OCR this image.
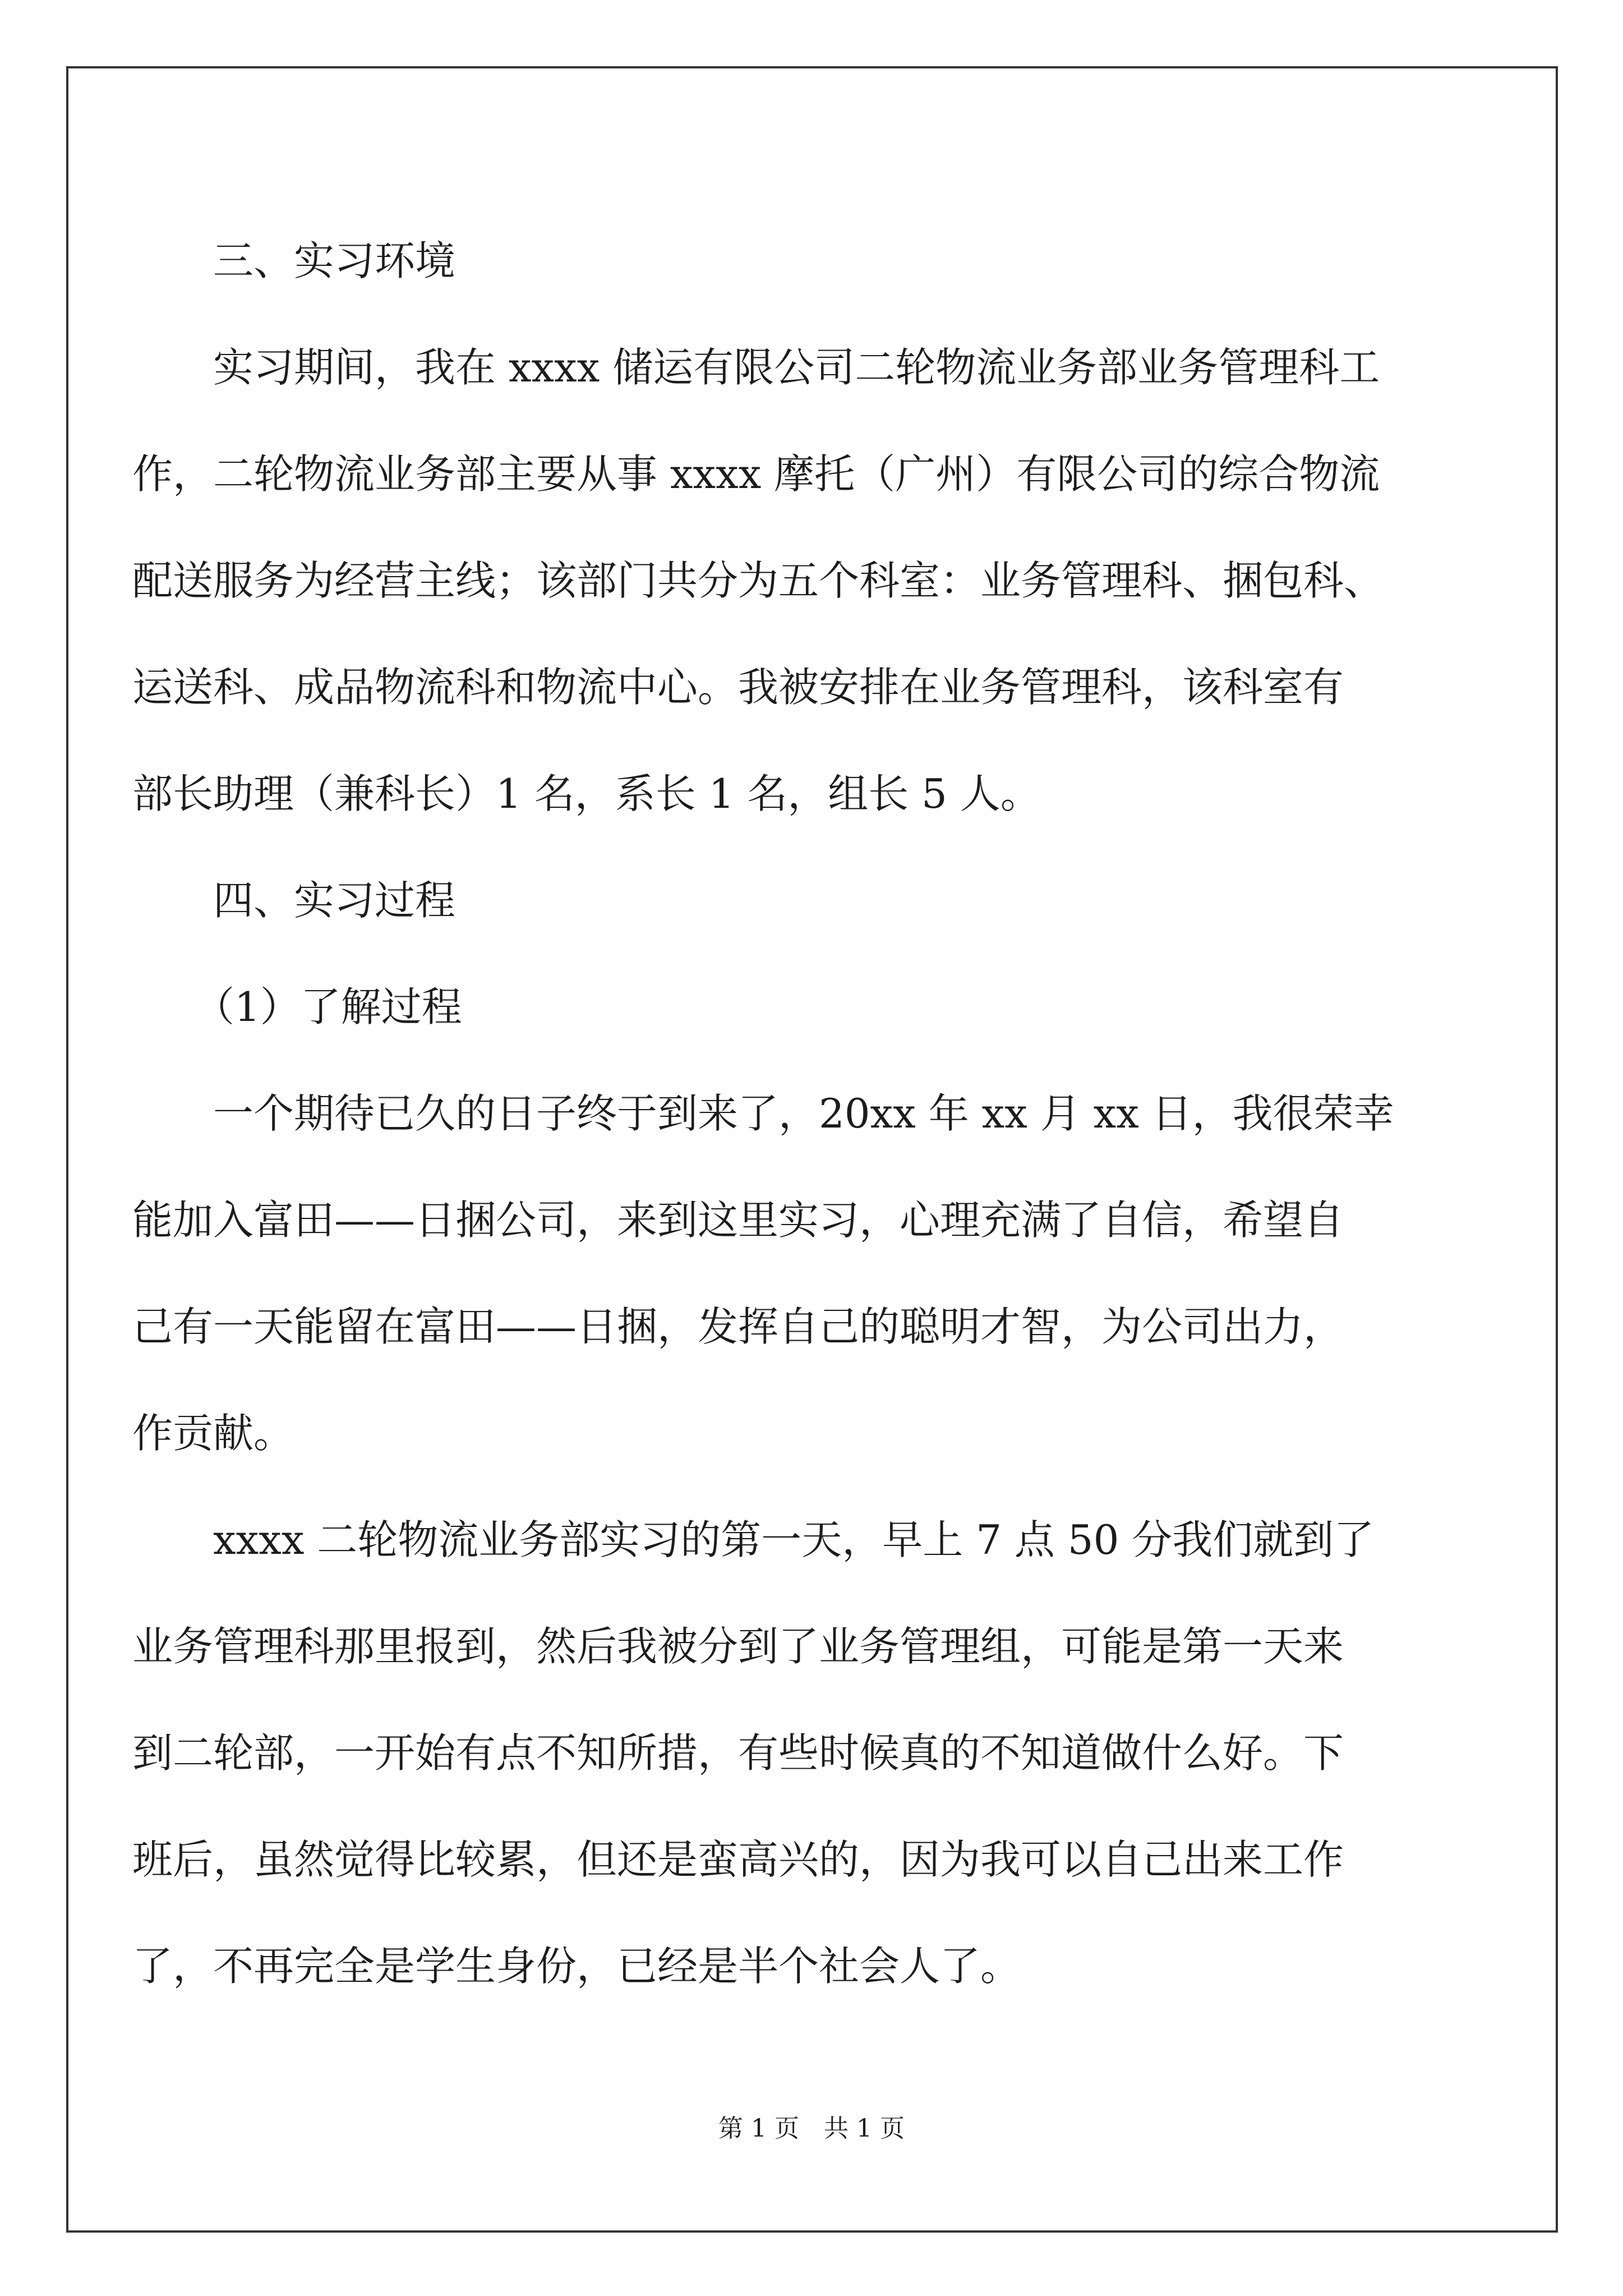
三、实习环境

实习期间，我在 xxxx 储运有限公司二轮物流业务部业务管理科工

作，二轮物流业务部主要从事 xxxx 摩托（广州）有限公司的综合物流

配送服务为经营主线；该部门共分为五个科室：业务管理科、捆包科、

运送科、成品物流科和物流中心。我被安排在业务管理科，该科室有

部长助理（兼科长）1 名，系长 1 名，组长 5 人。

四、实习过程

（1）了解过程

一个期待已久的日子终于到来了，20xx 年 xx 月 xx 日，我很荣幸

能加入富田——日捆公司，来到这里实习，心理充满了自信，希望自

己有一天能留在富田——日捆，发挥自己的聪明才智，为公司出力，

作贡献。

xxxx 二轮物流业务部实习的第一天，早上 7 点 50 分我们就到了

业务管理科那里报到，然后我被分到了业务管理组，可能是第一天来

到二轮部，一开始有点不知所措，有些时候真的不知道做什么好。下

班后，虽然觉得比较累，但还是蛮高兴的，因为我可以自己出来工作

了，不再完全是学生身份，已经是半个社会人了。

第 1 页　共 1 页
